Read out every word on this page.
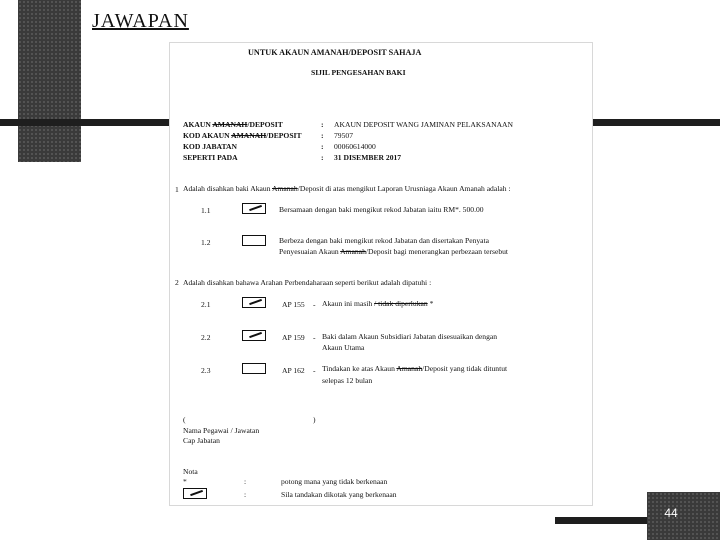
JAWAPAN
44
UNTUK AKAUN AMANAH/DEPOSIT SAHAJA
SIJIL PENGESAHAN BAKI
AKAUN AMANAH/DEPOSIT	: AKAUN DEPOSIT WANG JAMINAN PELAKSANAAN
KOD AKAUN AMANAH/DEPOSIT	: 79507
KOD JABATAN	: 00060614000
SEPERTI PADA	: 31 DISEMBER 2017
1 Adalah disahkan baki Akaun Amanah/Deposit di atas mengikut Laporan Urusniaga Akaun Amanah adalah :
1.1	Bersamaan dengan baki mengikut rekod Jabatan iaitu RM*. 500.00
1.2	Berbeza dengan baki mengikut rekod Jabatan dan disertakan Penyata
Penyesuaian Akaun Amanah/Deposit bagi menerangkan perbezaan tersebut
2 Adalah disahkan bahawa Arahan Perbendaharaan seperti berikut adalah dipatuhi :
2.1	AP 155 - Akaun ini masih / tidak diperlukan *
2.2	AP 159 - Baki dalam Akaun Subsidiari Jabatan disesuaikan dengan
Akaun Utama
2.3	AP 162 - Tindakan ke atas Akaun Amanah/Deposit yang tidak dituntut
selepas 12 bulan
(	)
Nama Pegawai / Jawatan
Cap Jabatan
Nota
*	:	potong mana yang tidak berkenaan
:	Sila tandakan dikotak yang berkenaan
